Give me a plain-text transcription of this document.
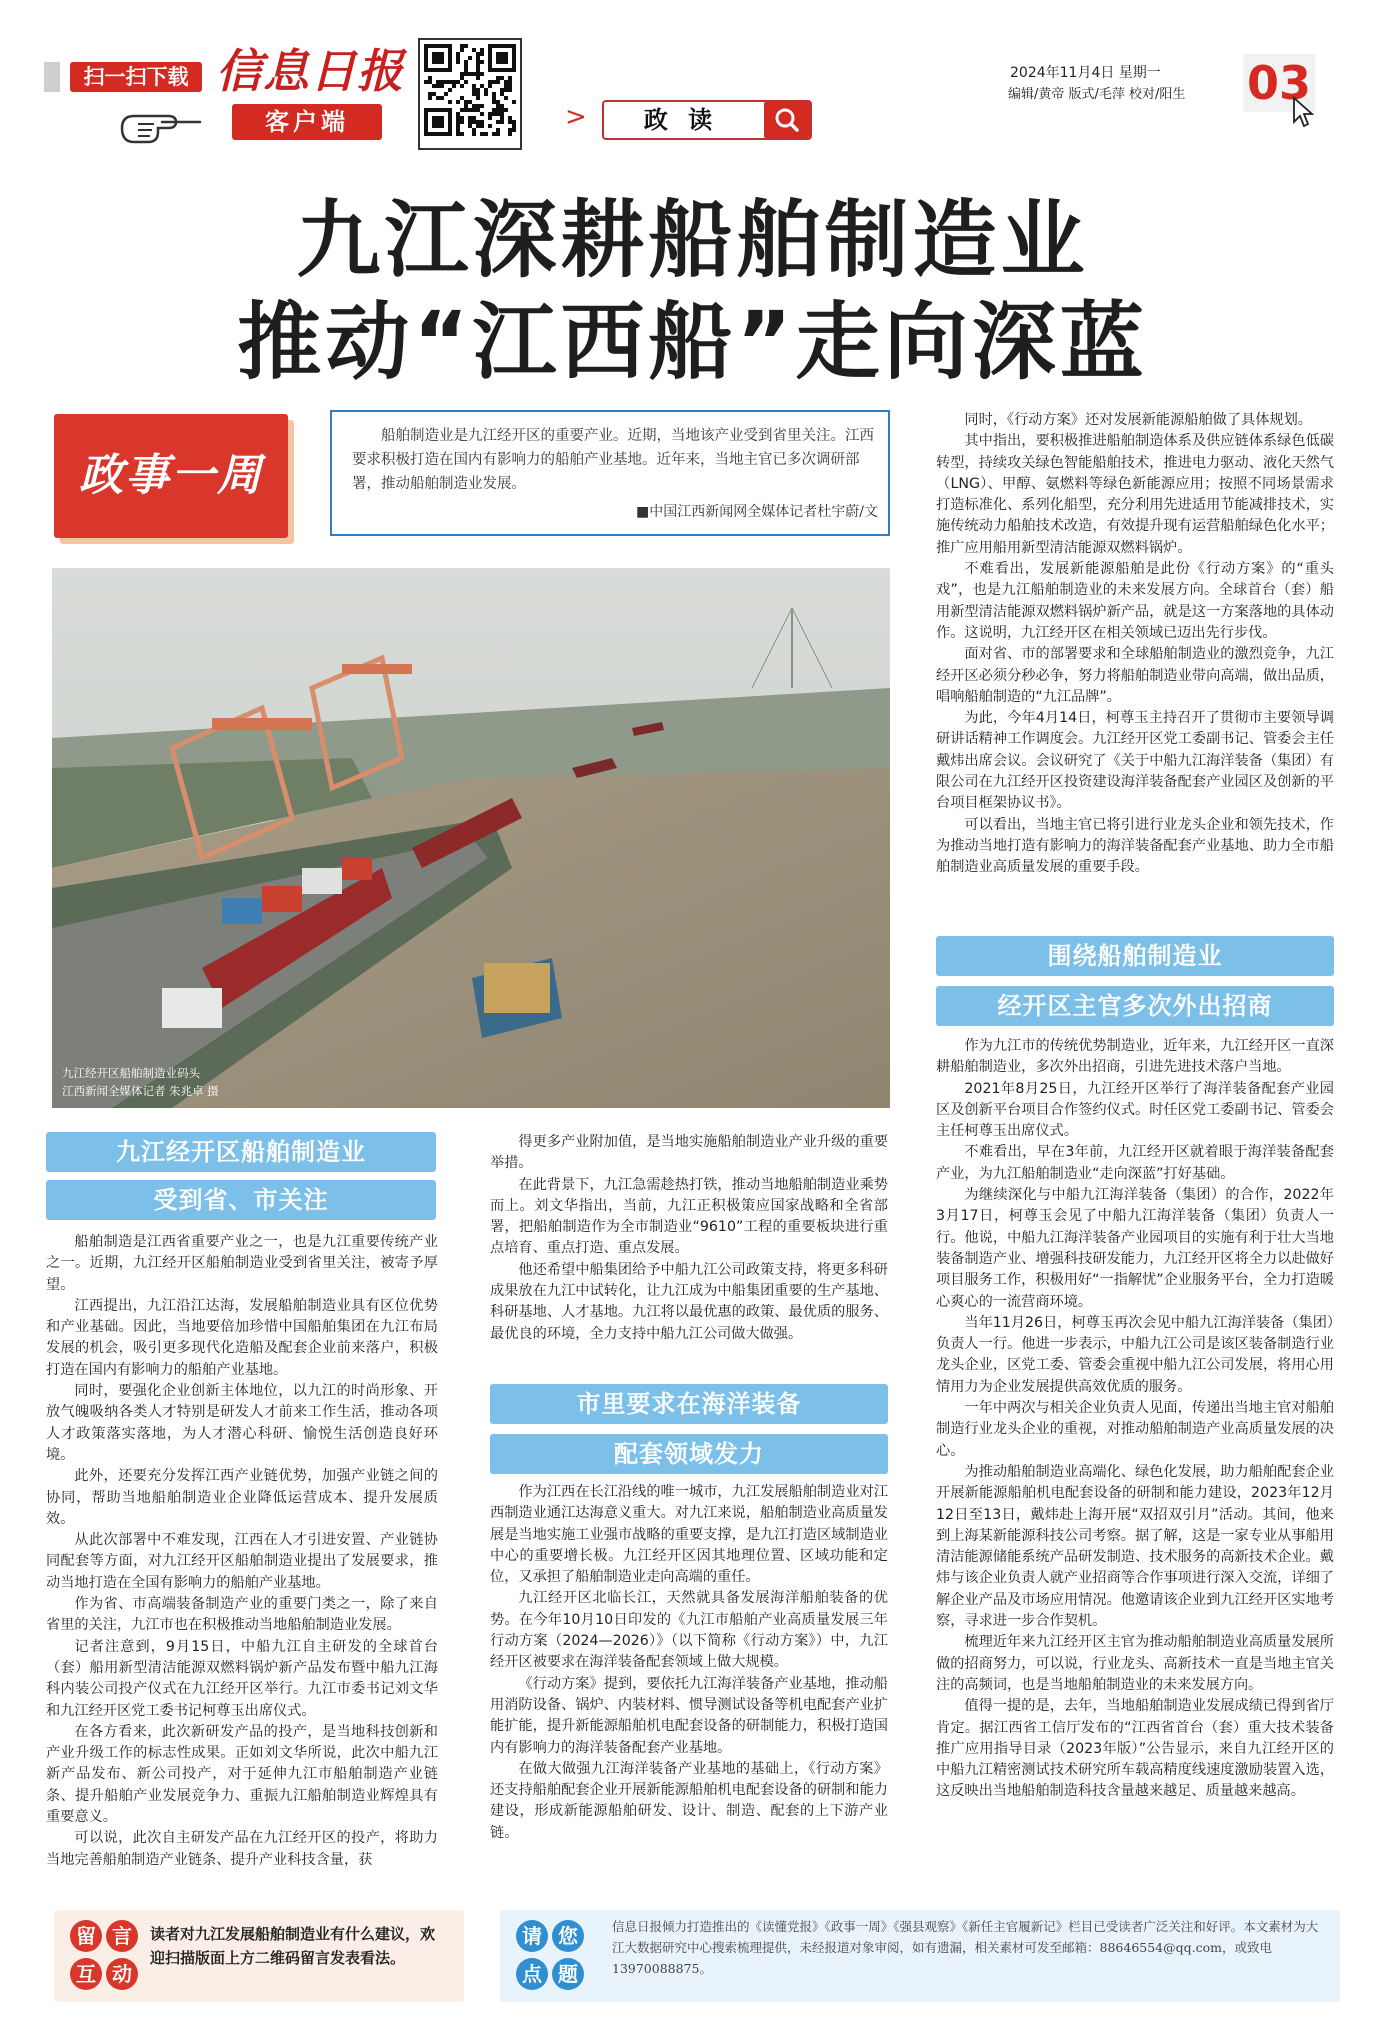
扫一扫下载 信息日报
客户端	>	政 读
2024年11月4日 星期一
编辑/黄帝 版式/毛萍 校对/阳生	03
九江深耕船舶制造业
推动“江西船”走向深蓝
政事一周
船舶制造业是九江经开区的重要产业。近期，当地该产业受到省里关注。江西要求积极打造在国内有影响力的船舶产业基地。近年来，当地主官已多次调研部署，推动船舶制造业发展。
■中国江西新闻网全媒体记者杜宇蔚/文
九江经开区船舶制造业码头
江西新闻全媒体记者 朱兆卓 摄
九江经开区船舶制造业
受到省、市关注
市里要求在海洋装备
配套领域发力
围绕船舶制造业
经开区主官多次外出招商

船舶制造是江西省重要产业之一，也是九江重要传统产业之一。近期，九江经开区船舶制造业受到省里关注，被寄予厚望。

江西提出，九江沿江达海，发展船舶制造业具有区位优势和产业基础。因此，当地要倍加珍惜中国船舶集团在九江布局发展的机会，吸引更多现代化造船及配套企业前来落户，积极打造在国内有影响力的船舶产业基地。

同时，要强化企业创新主体地位，以九江的时尚形象、开放气魄吸纳各类人才特别是研发人才前来工作生活，推动各项人才政策落实落地，为人才潜心科研、愉悦生活创造良好环境。

此外，还要充分发挥江西产业链优势，加强产业链之间的协同，帮助当地船舶制造业企业降低运营成本、提升发展质效。

从此次部署中不难发现，江西在人才引进安置、产业链协同配套等方面，对九江经开区船舶制造业提出了发展要求，推动当地打造在全国有影响力的船舶产业基地。

作为省、市高端装备制造产业的重要门类之一，除了来自省里的关注，九江市也在积极推动当地船舶制造业发展。

记者注意到，9月15日，中船九江自主研发的全球首台（套）船用新型清洁能源双燃料锅炉新产品发布暨中船九江海科内装公司投产仪式在九江经开区举行。九江市委书记刘文华和九江经开区党工委书记柯尊玉出席仪式。

在各方看来，此次新研发产品的投产，是当地科技创新和产业升级工作的标志性成果。正如刘文华所说，此次中船九江新产品发布、新公司投产，对于延伸九江市船舶制造产业链条、提升船舶产业发展竞争力、重振九江船舶制造业辉煌具有重要意义。

可以说，此次自主研发产品在九江经开区的投产，将助力当地完善船舶制造产业链条、提升产业科技含量，获

得更多产业附加值，是当地实施船舶制造业产业升级的重要举措。

在此背景下，九江急需趁热打铁，推动当地船舶制造业乘势而上。刘文华指出，当前，九江正积极策应国家战略和全省部署，把船舶制造作为全市制造业“9610”工程的重要板块进行重点培育、重点打造、重点发展。

他还希望中船集团给予中船九江公司政策支持，将更多科研成果放在九江中试转化，让九江成为中船集团重要的生产基地、科研基地、人才基地。九江将以最优惠的政策、最优质的服务、最优良的环境，全力支持中船九江公司做大做强。

作为江西在长江沿线的唯一城市，九江发展船舶制造业对江西制造业通江达海意义重大。对九江来说，船舶制造业高质量发展是当地实施工业强市战略的重要支撑，是九江打造区域制造业中心的重要增长极。九江经开区因其地理位置、区域功能和定位，又承担了船舶制造业走向高端的重任。

九江经开区北临长江，天然就具备发展海洋船舶装备的优势。在今年10月10日印发的《九江市船舶产业高质量发展三年行动方案（2024—2026）》（以下简称《行动方案》）中，九江经开区被要求在海洋装备配套领域上做大规模。

《行动方案》提到，要依托九江海洋装备产业基地，推动船用消防设备、锅炉、内装材料、惯导测试设备等机电配套产业扩能扩能，提升新能源船舶机电配套设备的研制能力，积极打造国内有影响力的海洋装备配套产业基地。

在做大做强九江海洋装备产业基地的基础上，《行动方案》还支持船舶配套企业开展新能源船舶机电配套设备的研制和能力建设，形成新能源船舶研发、设计、制造、配套的上下游产业链。

同时，《行动方案》还对发展新能源船舶做了具体规划。

其中指出，要积极推进船舶制造体系及供应链体系绿色低碳转型，持续攻关绿色智能船舶技术，推进电力驱动、液化天然气（LNG）、甲醇、氨燃料等绿色新能源应用；按照不同场景需求打造标准化、系列化船型，充分利用先进适用节能减排技术，实施传统动力船舶技术改造，有效提升现有运营船舶绿色化水平；推广应用船用新型清洁能源双燃料锅炉。

不难看出，发展新能源船舶是此份《行动方案》的“重头戏”，也是九江船舶制造业的未来发展方向。全球首台（套）船用新型清洁能源双燃料锅炉新产品，就是这一方案落地的具体动作。这说明，九江经开区在相关领域已迈出先行步伐。

面对省、市的部署要求和全球船舶制造业的激烈竞争，九江经开区必须分秒必争，努力将船舶制造业带向高端，做出品质，唱响船舶制造的“九江品牌”。

为此，今年4月14日，柯尊玉主持召开了贯彻市主要领导调研讲话精神工作调度会。九江经开区党工委副书记、管委会主任戴炜出席会议。会议研究了《关于中船九江海洋装备（集团）有限公司在九江经开区投资建设海洋装备配套产业园区及创新的平台项目框架协议书》。

可以看出，当地主官已将引进行业龙头企业和领先技术，作为推动当地打造有影响力的海洋装备配套产业基地、助力全市船舶制造业高质量发展的重要手段。

作为九江市的传统优势制造业，近年来，九江经开区一直深耕船舶制造业，多次外出招商，引进先进技术落户当地。

2021年8月25日，九江经开区举行了海洋装备配套产业园区及创新平台项目合作签约仪式。时任区党工委副书记、管委会主任柯尊玉出席仪式。

不难看出，早在3年前，九江经开区就着眼于海洋装备配套产业，为九江船舶制造业“走向深蓝”打好基础。

为继续深化与中船九江海洋装备（集团）的合作，2022年3月17日，柯尊玉会见了中船九江海洋装备（集团）负责人一行。他说，中船九江海洋装备产业园项目的实施有利于壮大当地装备制造产业、增强科技研发能力，九江经开区将全力以赴做好项目服务工作，积极用好“一指解忧”企业服务平台，全力打造暖心爽心的一流营商环境。

当年11月26日，柯尊玉再次会见中船九江海洋装备（集团）负责人一行。他进一步表示，中船九江公司是该区装备制造行业龙头企业，区党工委、管委会重视中船九江公司发展，将用心用情用力为企业发展提供高效优质的服务。

一年中两次与相关企业负责人见面，传递出当地主官对船舶制造行业龙头企业的重视，对推动船舶制造产业高质量发展的决心。

为推动船舶制造业高端化、绿色化发展，助力船舶配套企业开展新能源船舶机电配套设备的研制和能力建设，2023年12月12日至13日，戴炜赴上海开展“双招双引月”活动。其间，他来到上海某新能源科技公司考察。据了解，这是一家专业从事船用清洁能源储能系统产品研发制造、技术服务的高新技术企业。戴炜与该企业负责人就产业招商等合作事项进行深入交流，详细了解企业产品及市场应用情况。他邀请该企业到九江经开区实地考察，寻求进一步合作契机。

梳理近年来九江经开区主官为推动船舶制造业高质量发展所做的招商努力，可以说，行业龙头、高新技术一直是当地主官关注的高频词，也是当地船舶制造业的未来发展方向。

值得一提的是，去年，当地船舶制造业发展成绩已得到省厅肯定。据江西省工信厅发布的“江西省首台（套）重大技术装备推广应用指导目录（2023年版）”公告显示，来自九江经开区的中船九江精密测试技术研究所车载高精度线速度激励装置入选，这反映出当地船舶制造科技含量越来越足、质量越来越高。

留 言
互 动
读者对九江发展船舶制造业有什么建议，欢迎扫描版面上方二维码留言发表看法。
请 您
点 题
信息日报倾力打造推出的《读懂党报》《政事一周》《强县观察》《新任主官履新记》栏目已受读者广泛关注和好评。本文素材为大江大数据研究中心搜索梳理提供，未经报道对象审阅，如有遗漏，相关素材可发至邮箱：88646554@qq.com，或致电13970088875。
